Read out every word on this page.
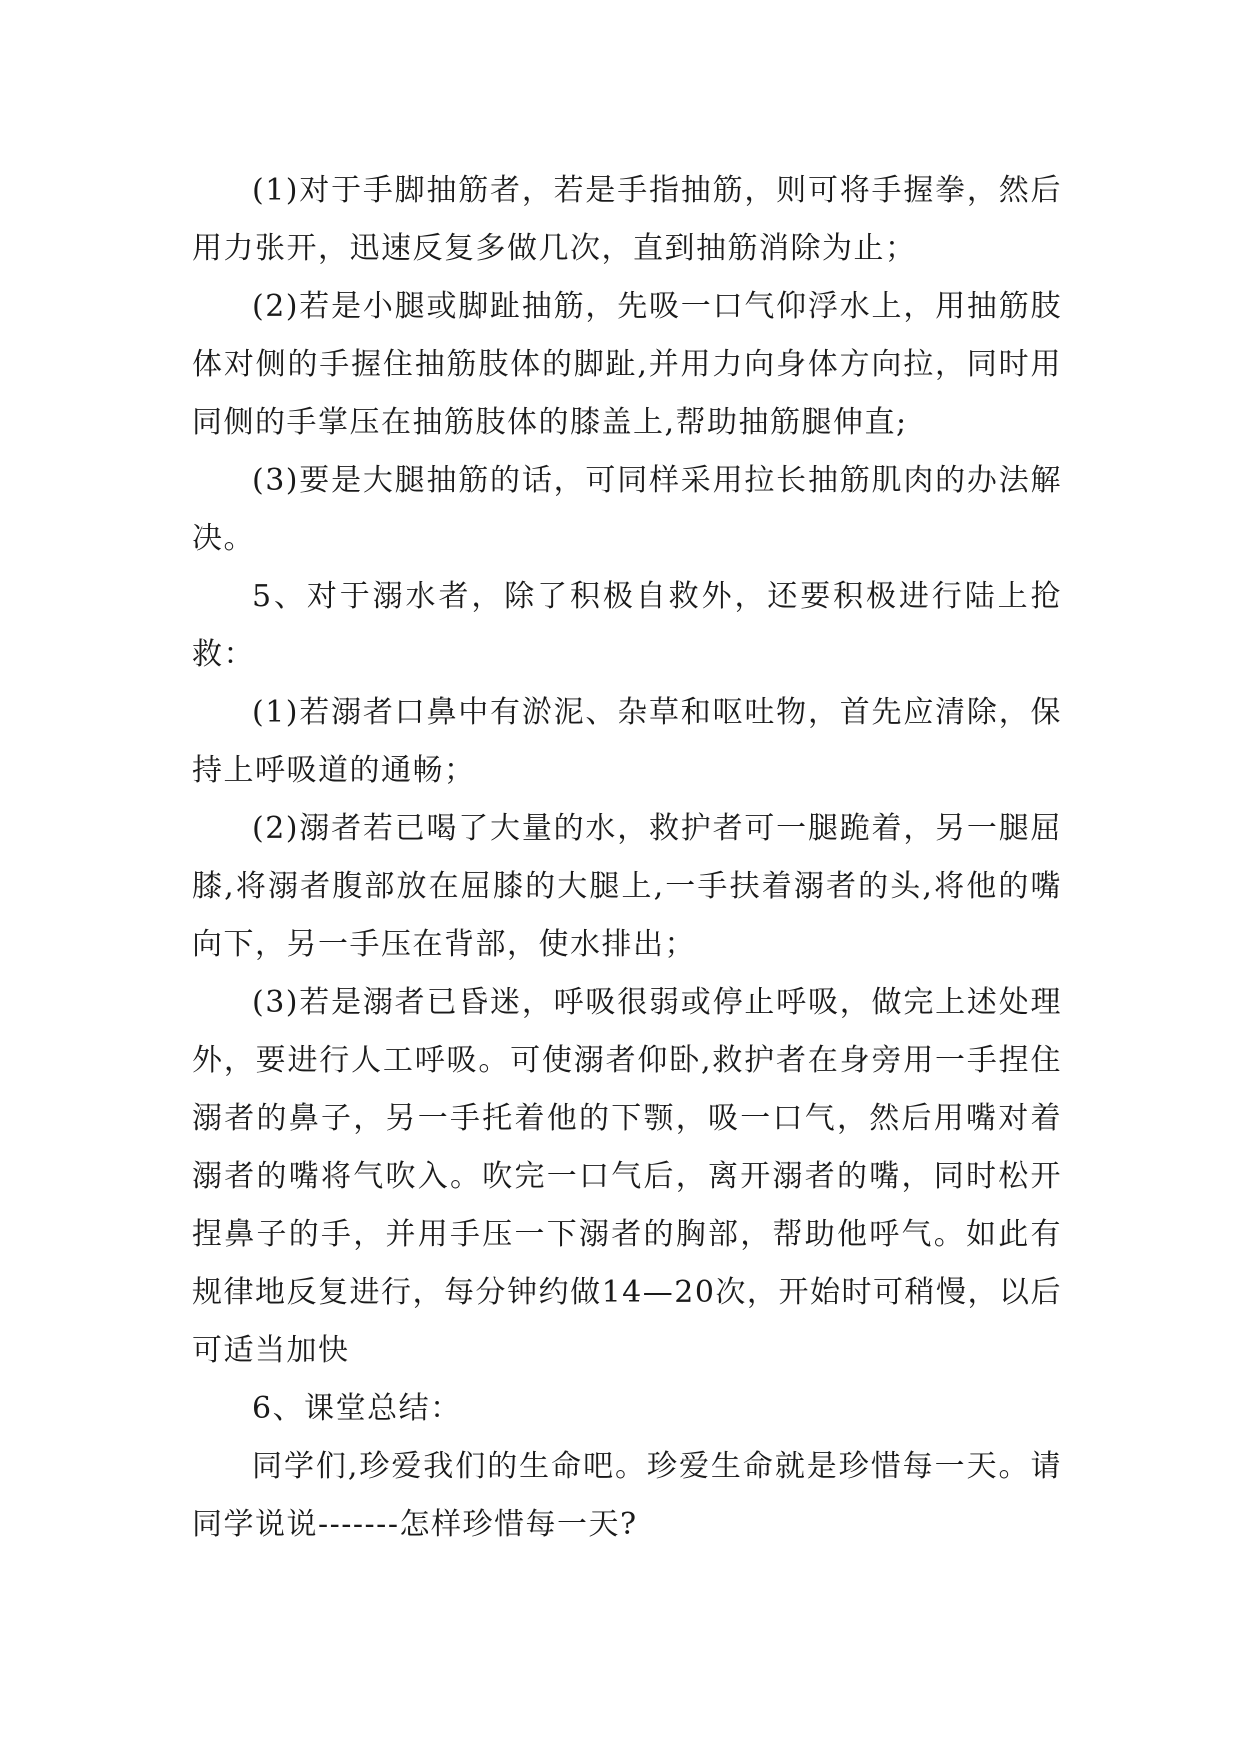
(1)对于手脚抽筋者，若是手指抽筋，则可将手握拳，然后用力张开，迅速反复多做几次，直到抽筋消除为止；

(2)若是小腿或脚趾抽筋，先吸一口气仰浮水上，用抽筋肢体对侧的手握住抽筋肢体的脚趾,并用力向身体方向拉，同时用同侧的手掌压在抽筋肢体的膝盖上,帮助抽筋腿伸直;

(3)要是大腿抽筋的话，可同样采用拉长抽筋肌肉的办法解决。

5、对于溺水者，除了积极自救外，还要积极进行陆上抢救：

(1)若溺者口鼻中有淤泥、杂草和呕吐物，首先应清除，保持上呼吸道的通畅；

(2)溺者若已喝了大量的水，救护者可一腿跪着，另一腿屈膝,将溺者腹部放在屈膝的大腿上,一手扶着溺者的头,将他的嘴向下，另一手压在背部，使水排出；

(3)若是溺者已昏迷，呼吸很弱或停止呼吸，做完上述处理外，要进行人工呼吸。可使溺者仰卧,救护者在身旁用一手捏住溺者的鼻子，另一手托着他的下颚，吸一口气，然后用嘴对着溺者的嘴将气吹入。吹完一口气后，离开溺者的嘴，同时松开捏鼻子的手，并用手压一下溺者的胸部，帮助他呼气。如此有规律地反复进行，每分钟约做14—20次，开始时可稍慢，以后可适当加快

6、课堂总结：

同学们,珍爱我们的生命吧。珍爱生命就是珍惜每一天。请同学说说-------怎样珍惜每一天?
